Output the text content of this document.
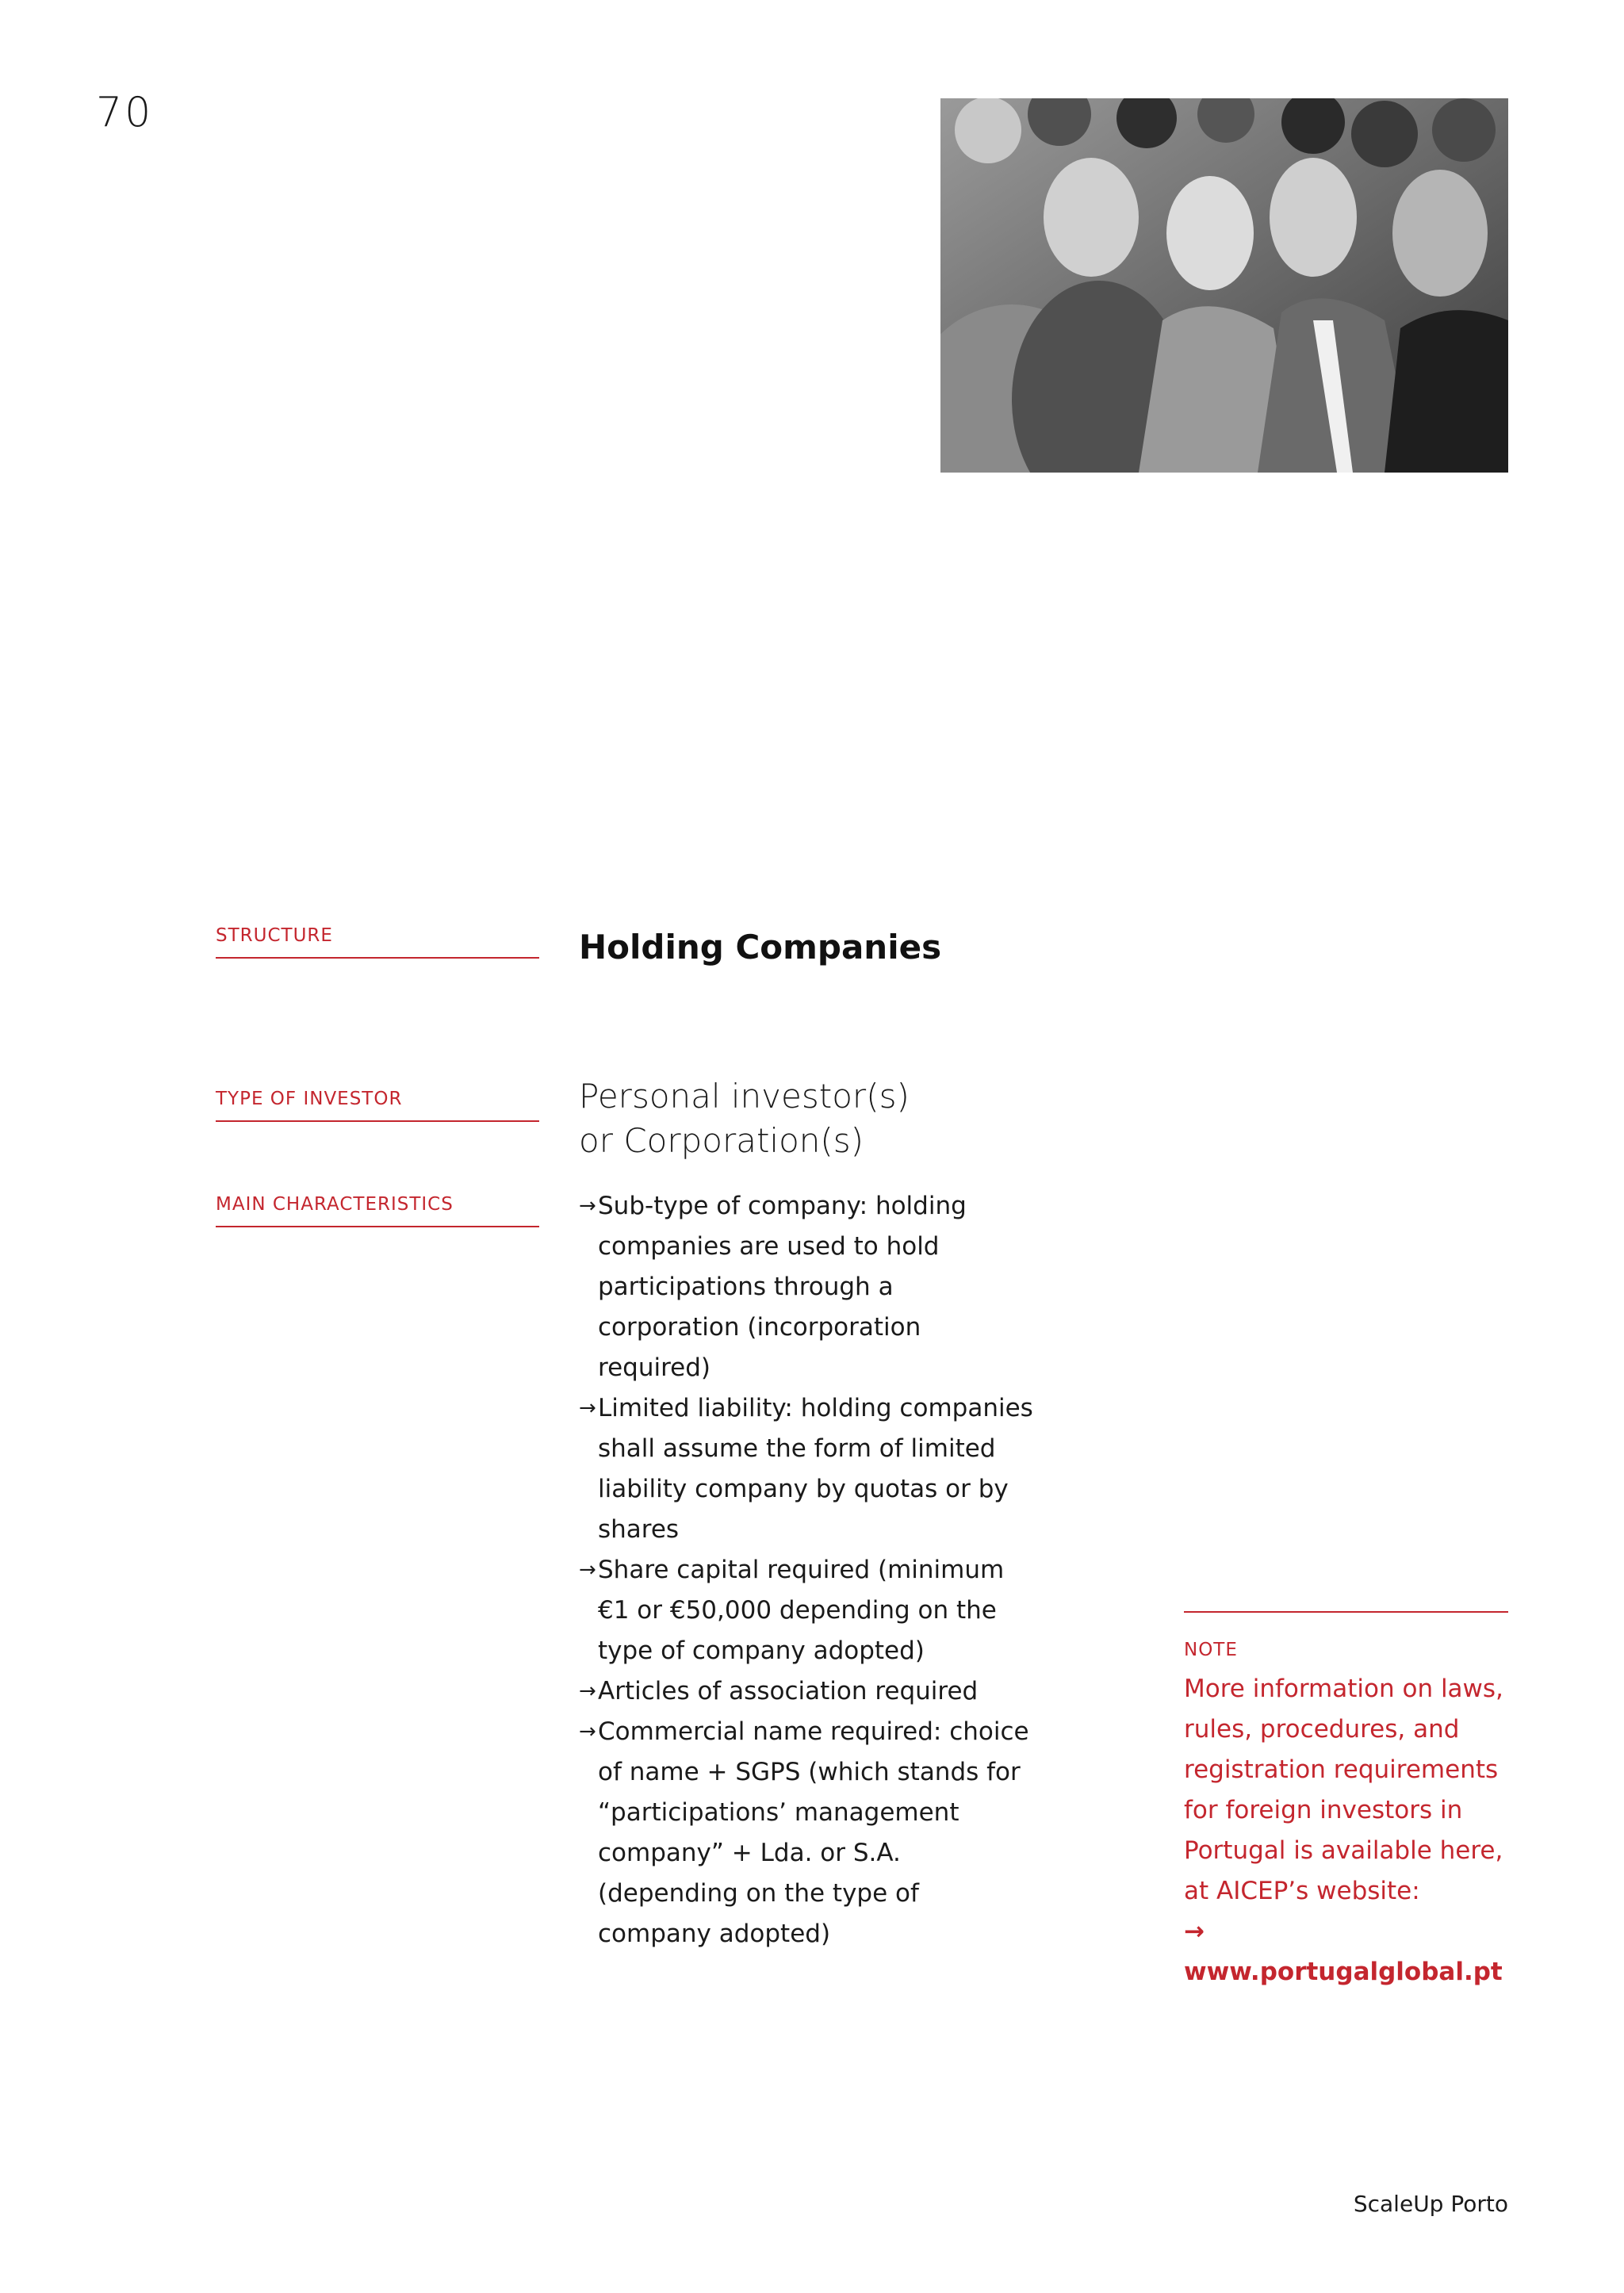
70
STRUCTURE
TYPE OF INVESTOR
MAIN CHARACTERISTICS
Holding Companies
Personal investor(s)
or Corporation(s)
→ Sub-type of company: holding companies are used to hold participations through a corporation (incorporation required)
→ Limited liability: holding companies shall assume the form of limited liability company by quotas or by shares
→ Share capital required (minimum €1 or €50,000 depending on the type of company adopted)
→ Articles of association required
→ Commercial name required: choice of name + SGPS (which stands for “participations’ management company” + Lda. or S.A. (depending on the type of company adopted)
NOTE
More information on laws, rules, procedures, and registration requirements for foreign investors in Portugal is available here, at AICEP’s website:
→ www.portugalglobal.pt
ScaleUp Porto
